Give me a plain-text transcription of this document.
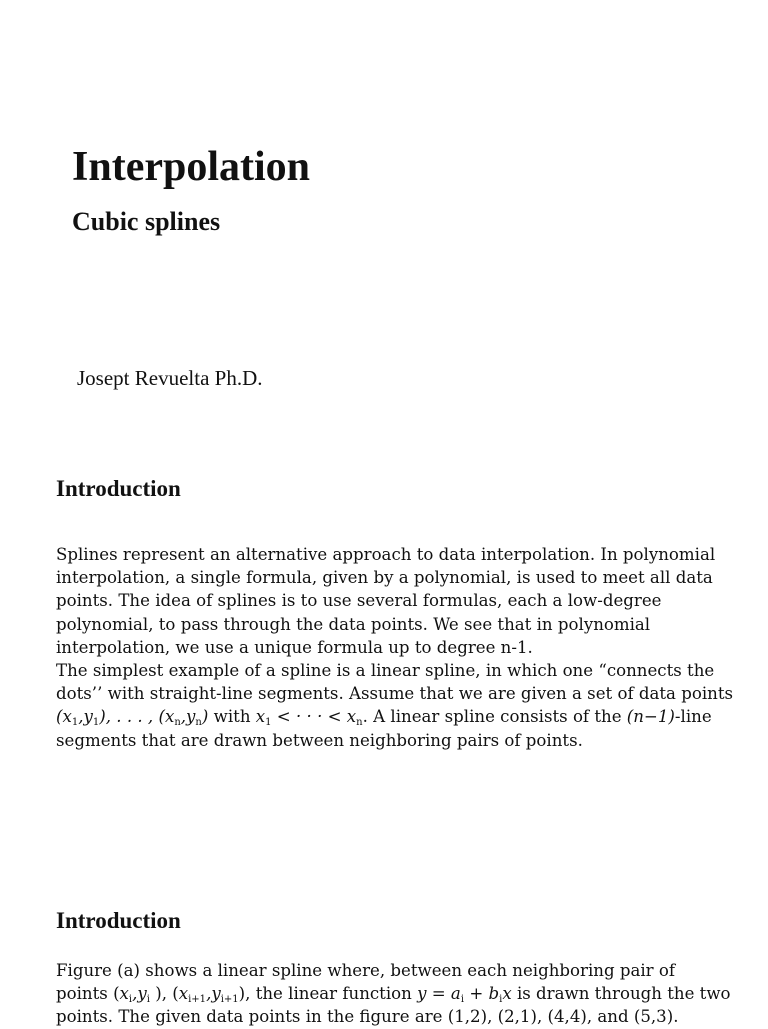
Interpolation
Cubic splines

Josept Revuelta Ph.D.

Introduction
Splines represent an alternative approach to data interpolation. In polynomial
interpolation, a single formula, given by a polynomial, is used to meet all data
points. The idea of splines is to use several formulas, each a low-degree
polynomial, to pass through the data points. We see that in polynomial
interpolation, we use a unique formula up to degree n-1.
The simplest example of a spline is a linear spline, in which one “connects the
dots’’ with straight-line segments. Assume that we are given a set of data points
$(x_1,y_1)$, . . . , $(x_n,y_n)$ with $x_1$ < · · · < $x_n$. A linear spline consists of the (n−1)-line
segments that are drawn between neighboring pairs of points.
Introduction
Figure (a) shows a linear spline where, between each neighboring pair of
points ($x_i,y_i$ ), $(x_{i+1},y_{i+1})$, the linear function $y = a_i + b_ix$ is drawn through the two
points. The given data points in the figure are (1,2), (2,1), (4,4), and (5,3).
